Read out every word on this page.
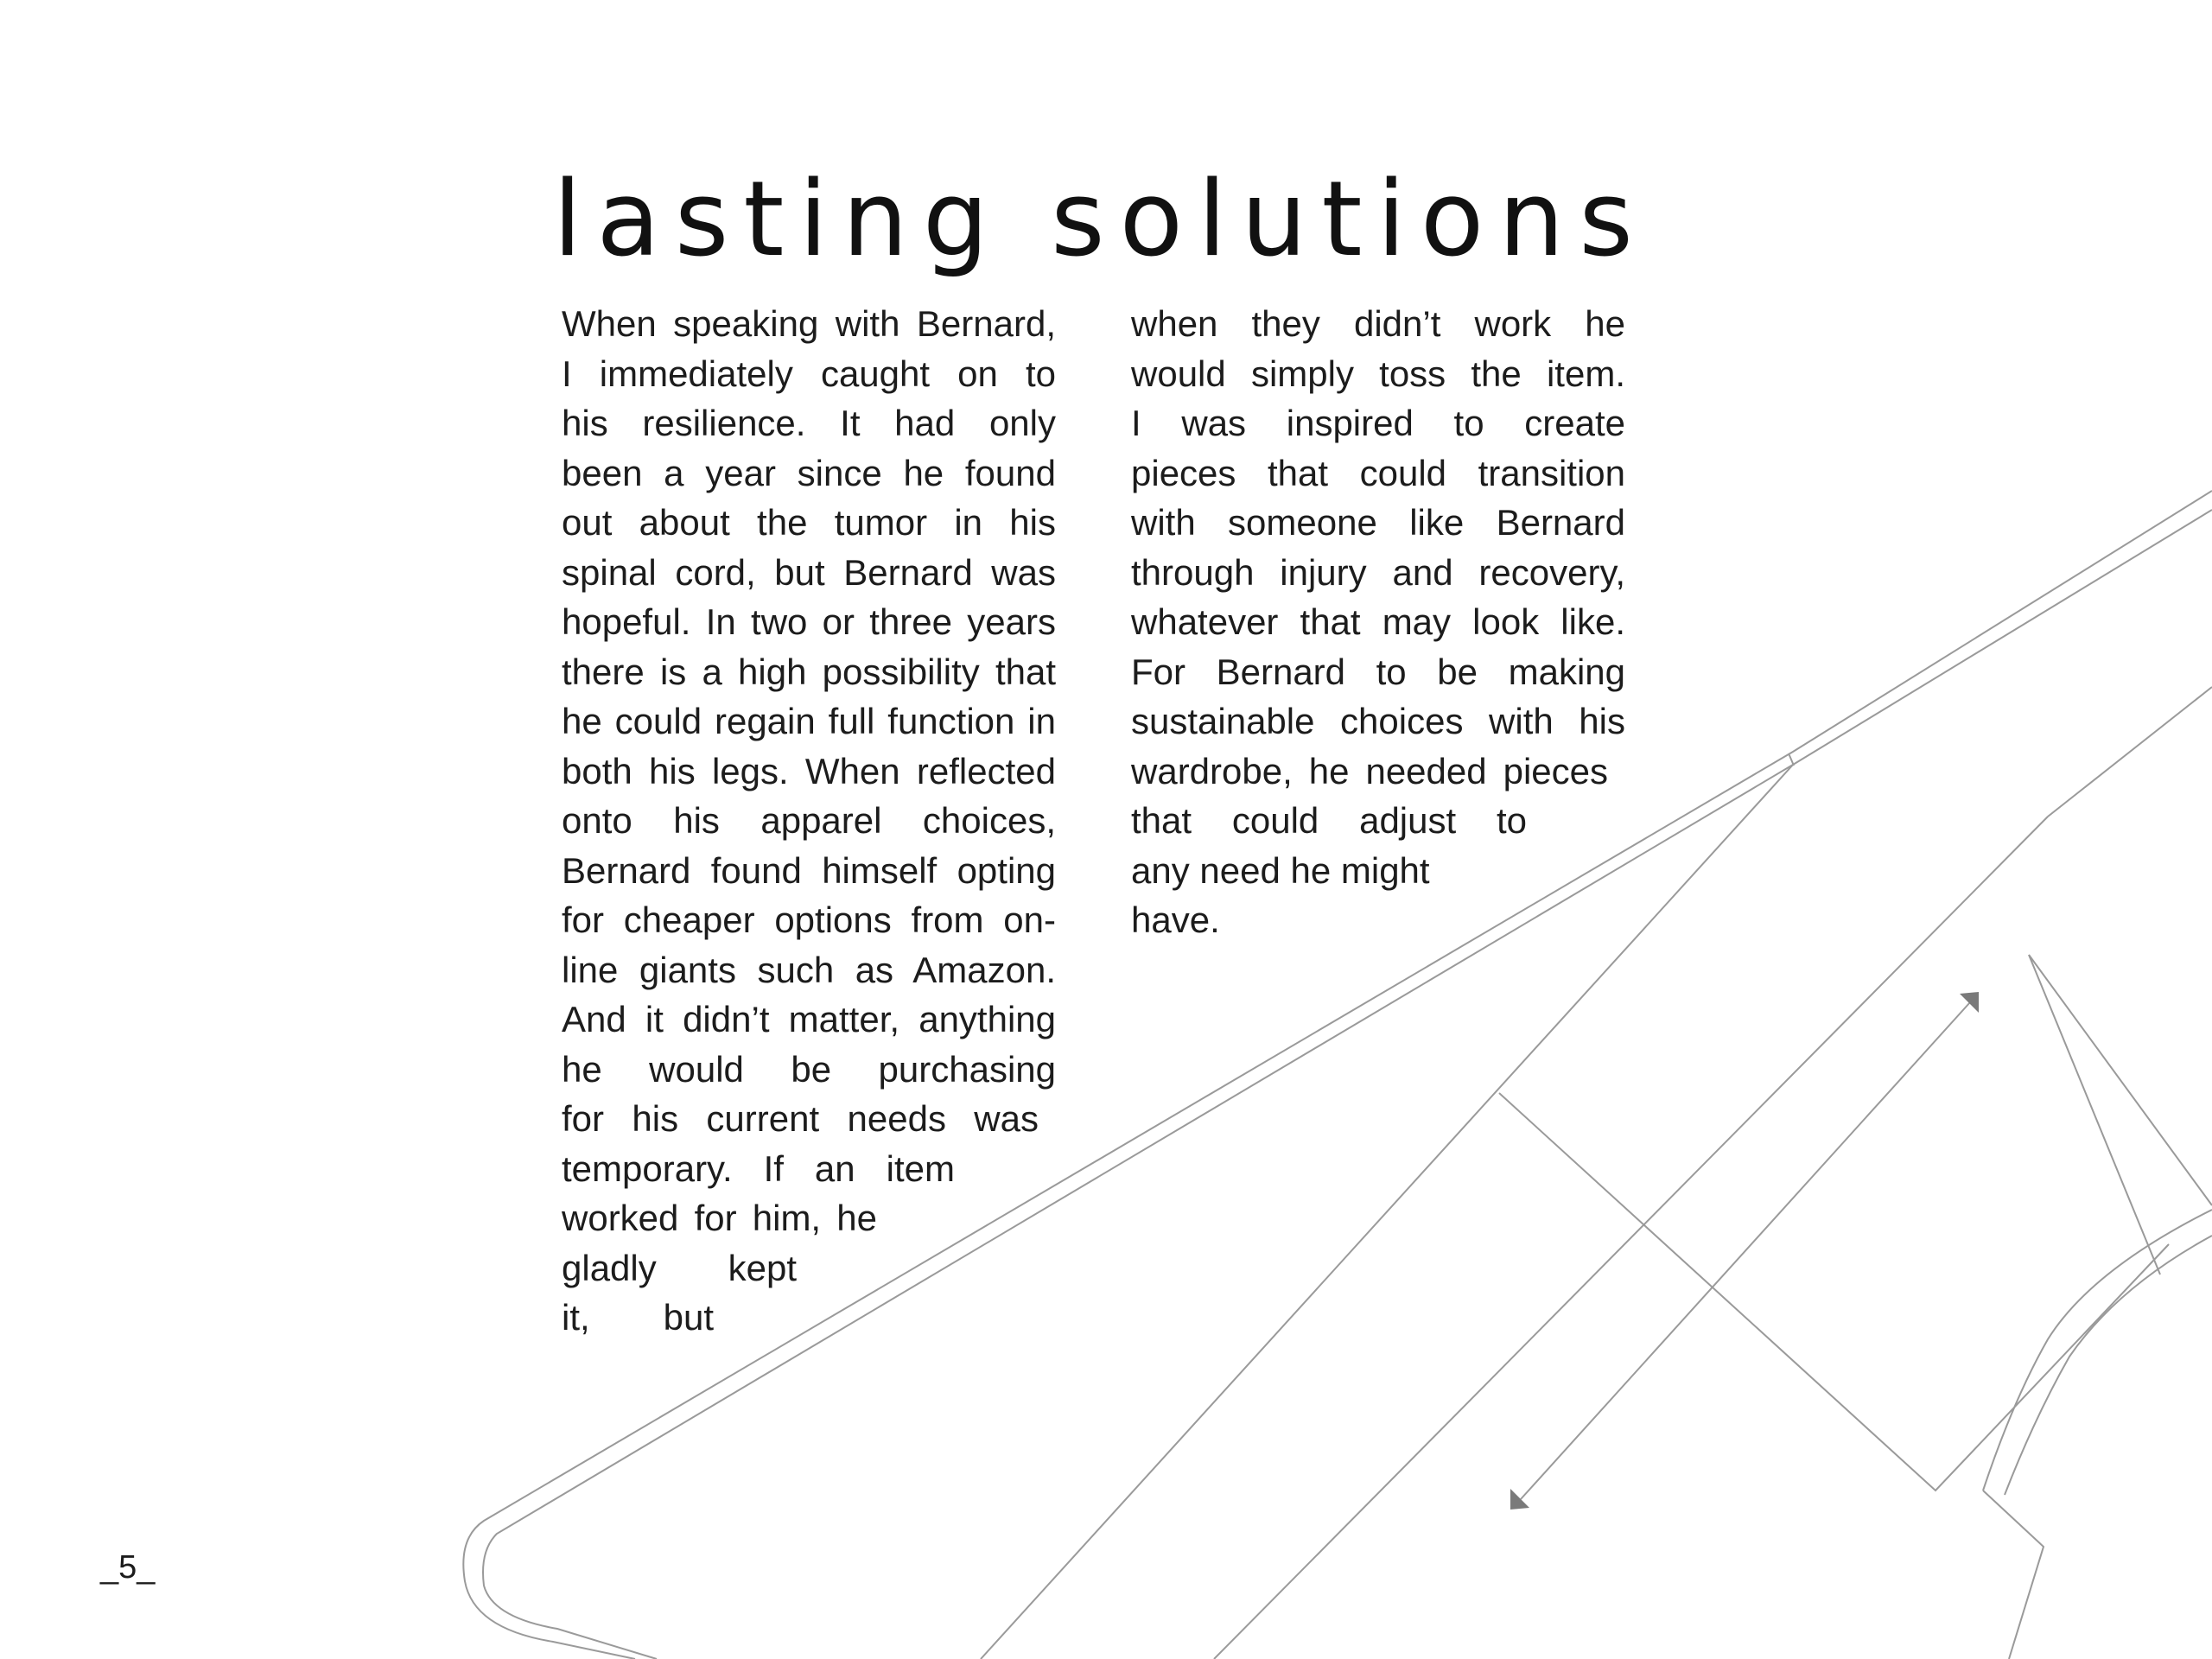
lasting solutions
When speaking with Bernard,
I immediately caught on to
his resilience. It had only
been a year since he found
out about the tumor in his
spinal cord, but Bernard was
hopeful. In two or three years
there is a high possibility that
he could regain full function in
both his legs. When reflected
onto his apparel choices,
Bernard found himself opting
for cheaper options from on-
line giants such as Amazon.
And it didn’t matter, anything
he would be purchasing
for his current needs was
temporary. If an item
worked for him, he
gladly kept
it, but
when they didn’t work he
would simply toss the item.
I was inspired to create
pieces that could transition
with someone like Bernard
through injury and recovery,
whatever that may look like.
For Bernard to be making
sustainable choices with his
wardrobe, he needed pieces
that could adjust to
any need he might
have.
_5_
